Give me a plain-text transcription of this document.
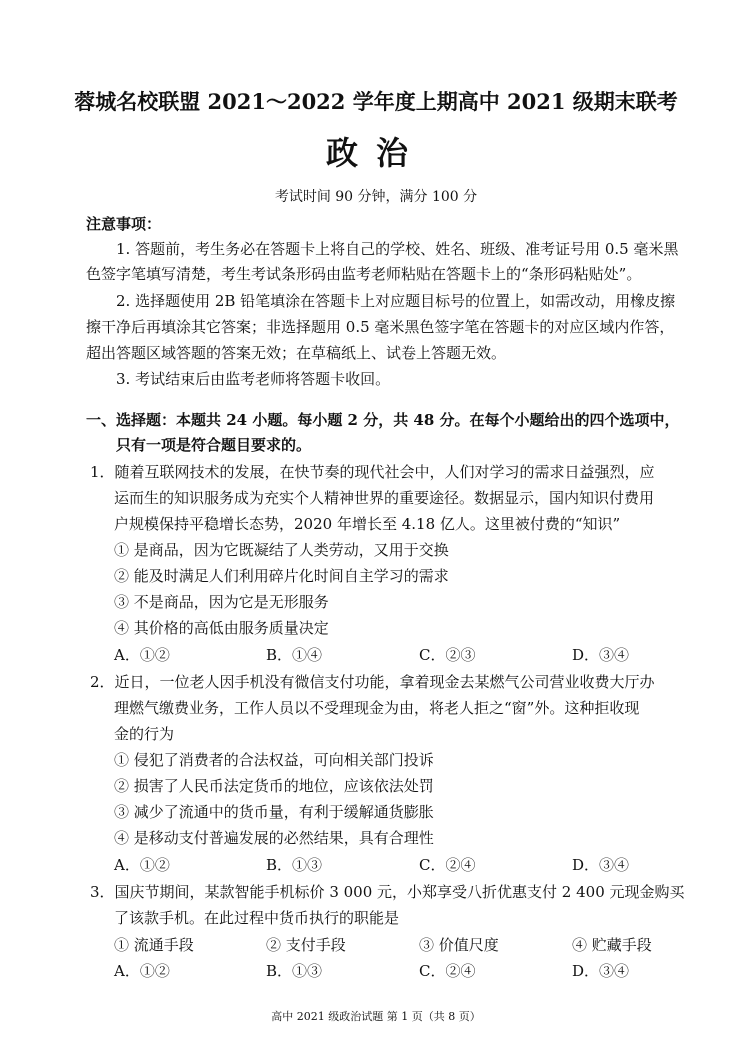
蓉城名校联盟 2021～2022 学年度上期高中 2021 级期末联考
政治
考试时间 90 分钟，满分 100 分
注意事项：
1. 答题前，考生务必在答题卡上将自己的学校、姓名、班级、准考证号用 0.5 毫米黑
色签字笔填写清楚，考生考试条形码由监考老师粘贴在答题卡上的“条形码粘贴处”。
2. 选择题使用 2B 铅笔填涂在答题卡上对应题目标号的位置上，如需改动，用橡皮擦
擦干净后再填涂其它答案；非选择题用 0.5 毫米黑色签字笔在答题卡的对应区域内作答，
超出答题区域答题的答案无效；在草稿纸上、试卷上答题无效。
3. 考试结束后由监考老师将答题卡收回。
一、选择题：本题共 24 小题。每小题 2 分，共 48 分。在每个小题给出的四个选项中，
只有一项是符合题目要求的。
1．随着互联网技术的发展，在快节奏的现代社会中，人们对学习的需求日益强烈，应
运而生的知识服务成为充实个人精神世界的重要途径。数据显示，国内知识付费用
户规模保持平稳增长态势，2020 年增长至 4.18 亿人。这里被付费的“知识”
① 是商品，因为它既凝结了人类劳动，又用于交换
② 能及时满足人们利用碎片化时间自主学习的需求
③ 不是商品，因为它是无形服务
④ 其价格的高低由服务质量决定
A．①②	B．①④	C．②③	D．③④
2．近日，一位老人因手机没有微信支付功能，拿着现金去某燃气公司营业收费大厅办
理燃气缴费业务，工作人员以不受理现金为由，将老人拒之“窗”外。这种拒收现
金的行为
① 侵犯了消费者的合法权益，可向相关部门投诉
② 损害了人民币法定货币的地位，应该依法处罚
③ 减少了流通中的货币量，有利于缓解通货膨胀
④ 是移动支付普遍发展的必然结果，具有合理性
A．①②	B．①③	C．②④	D．③④
3．国庆节期间，某款智能手机标价 3 000 元，小郑享受八折优惠支付 2 400 元现金购买
了该款手机。在此过程中货币执行的职能是
① 流通手段	② 支付手段	③ 价值尺度	④ 贮藏手段
A．①②	B．①③	C．②④	D．③④
高中 2021 级政治试题 第 1 页（共 8 页）
